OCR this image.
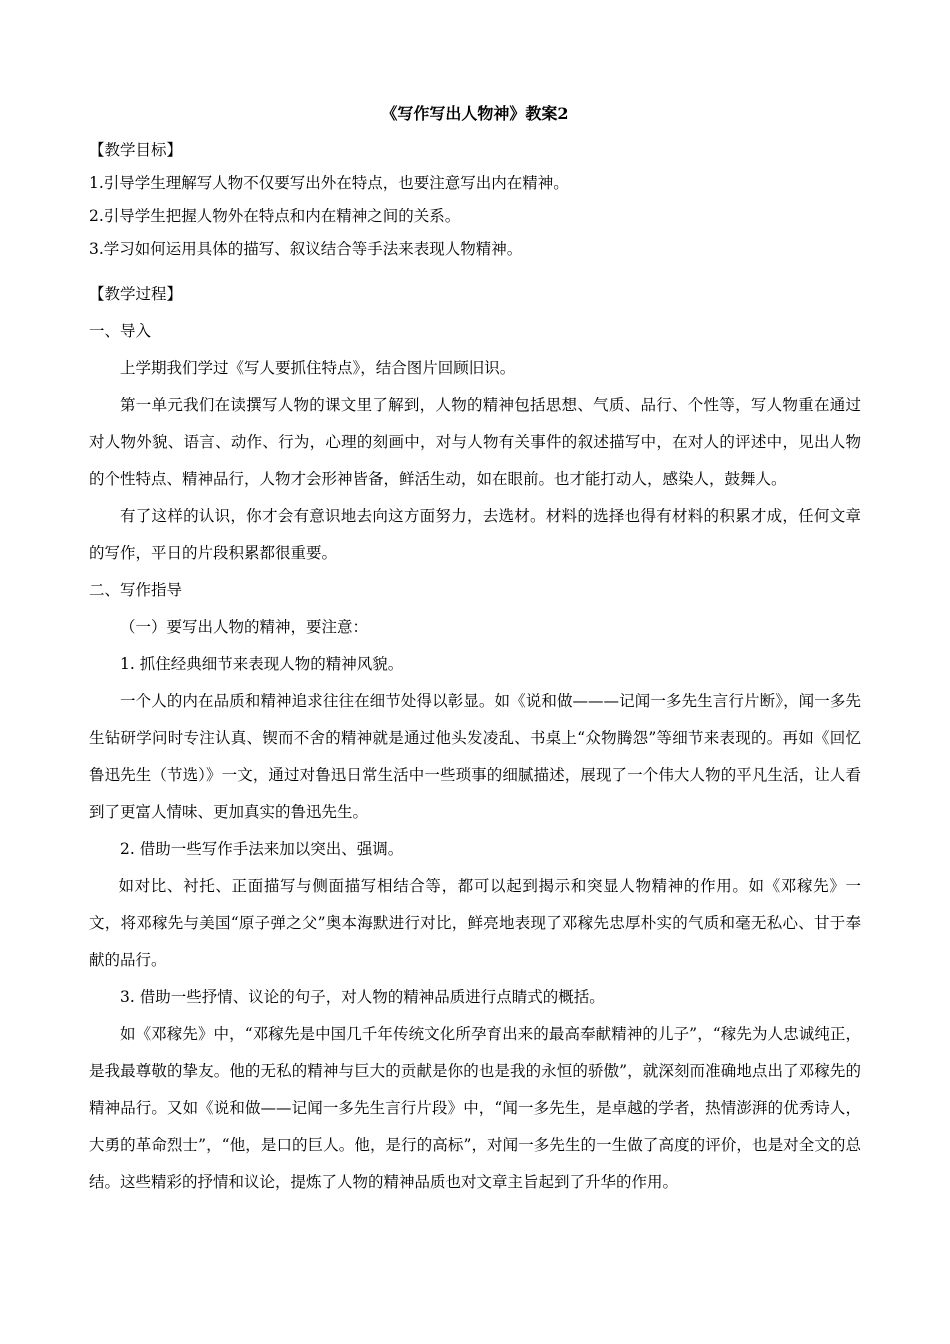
《写作写出人物神》教案2
【教学目标】
1.引导学生理解写人物不仅要写出外在特点，也要注意写出内在精神。
2.引导学生把握人物外在特点和内在精神之间的关系。
3.学习如何运用具体的描写、叙议结合等手法来表现人物精神。
【教学过程】
一、导入

上学期我们学过《写人要抓住特点》，结合图片回顾旧识。

第一单元我们在读撰写人物的课文里了解到，人物的精神包括思想、气质、品行、个性等，写人物重在通过对人物外貌、语言、动作、行为，心理的刻画中，对与人物有关事件的叙述描写中，在对人的评述中，见出人物的个性特点、精神品行，人物才会形神皆备，鲜活生动，如在眼前。也才能打动人，感染人，鼓舞人。

有了这样的认识，你才会有意识地去向这方面努力，去选材。材料的选择也得有材料的积累才成，任何文章的写作，平日的片段积累都很重要。

二、写作指导
（一）要写出人物的精神，要注意：
1. 抓住经典细节来表现人物的精神风貌。

一个人的内在品质和精神追求往往在细节处得以彰显。如《说和做———记闻一多先生言行片断》，闻一多先生钻研学问时专注认真、锲而不舍的精神就是通过他头发凌乱、书桌上“众物腾怨”等细节来表现的。再如《回忆鲁迅先生（节选）》一文，通过对鲁迅日常生活中一些琐事的细腻描述，展现了一个伟大人物的平凡生活，让人看到了更富人情味、更加真实的鲁迅先生。

2. 借助一些写作手法来加以突出、强调。

如对比、衬托、正面描写与侧面描写相结合等，都可以起到揭示和突显人物精神的作用。如《邓稼先》一文，将邓稼先与美国“原子弹之父”奥本海默进行对比，鲜亮地表现了邓稼先忠厚朴实的气质和毫无私心、甘于奉献的品行。

3. 借助一些抒情、议论的句子，对人物的精神品质进行点睛式的概括。

如《邓稼先》中，“邓稼先是中国几千年传统文化所孕育出来的最高奉献精神的儿子”，“稼先为人忠诚纯正，是我最尊敬的挚友。他的无私的精神与巨大的贡献是你的也是我的永恒的骄傲”，就深刻而准确地点出了邓稼先的精神品行。又如《说和做——记闻一多先生言行片段》中，“闻一多先生，是卓越的学者，热情澎湃的优秀诗人，大勇的革命烈士”，“他，是口的巨人。他，是行的高标”，对闻一多先生的一生做了高度的评价，也是对全文的总结。这些精彩的抒情和议论，提炼了人物的精神品质也对文章主旨起到了升华的作用。
